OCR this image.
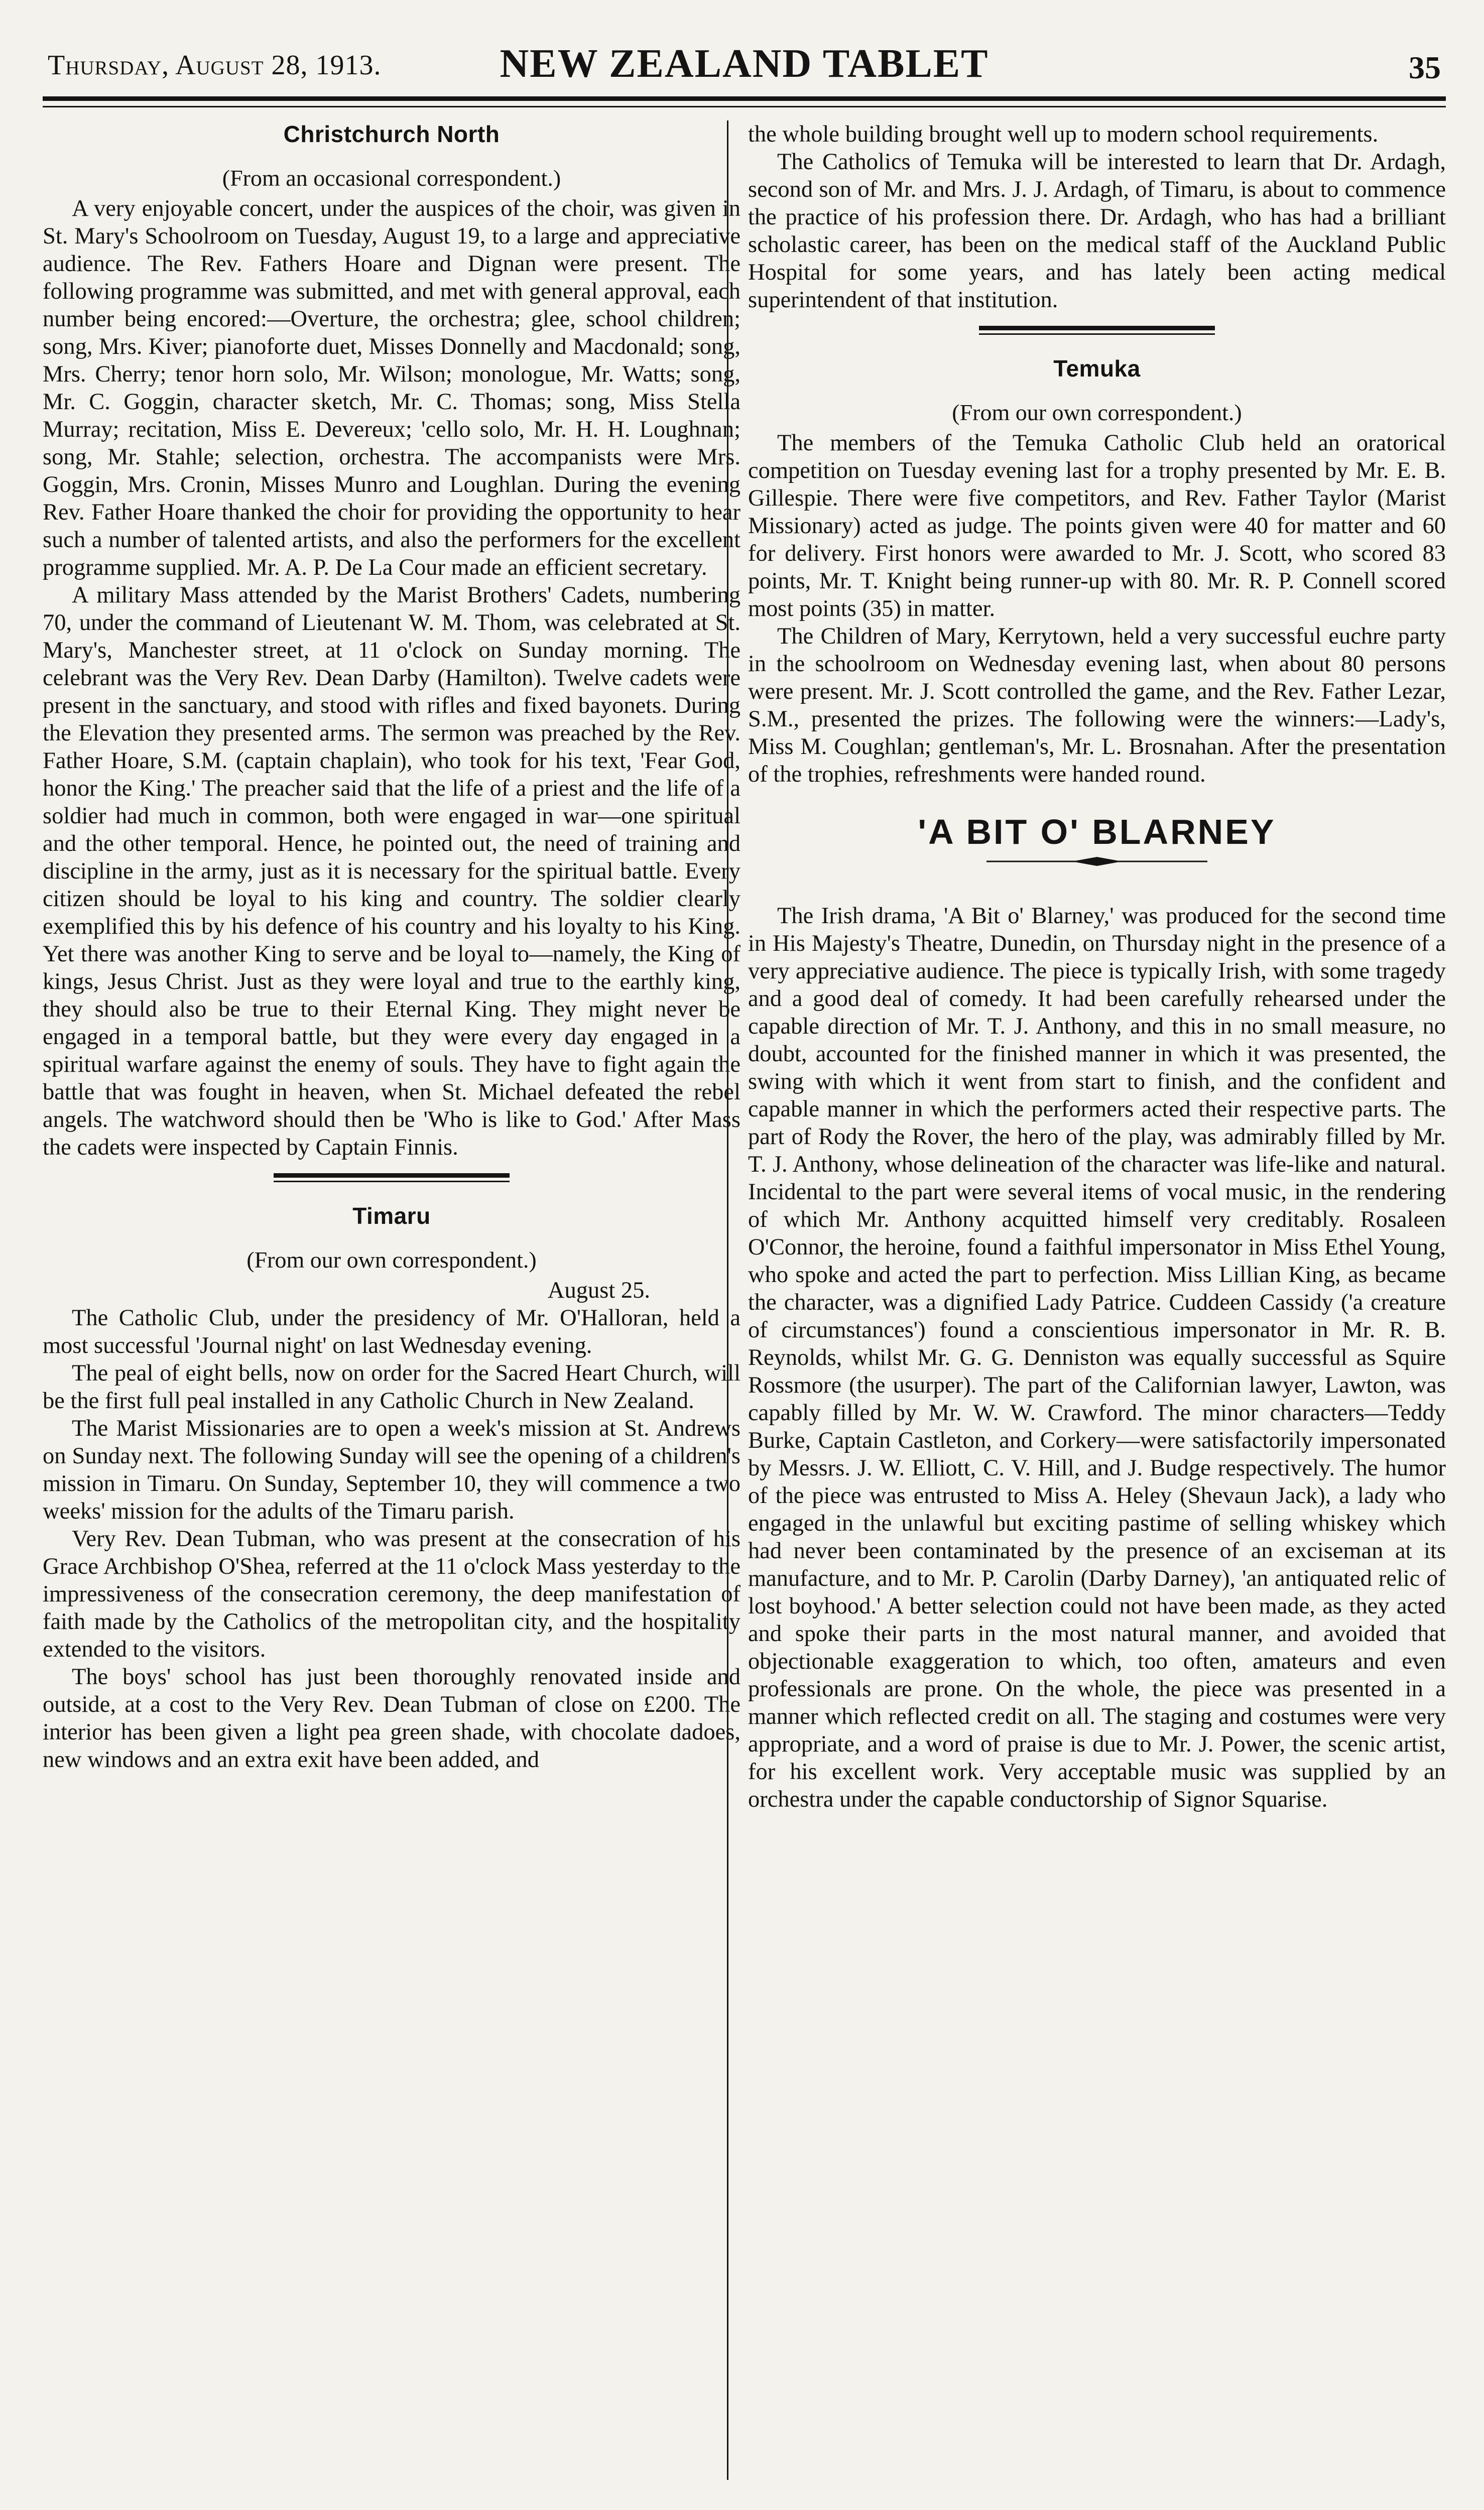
Thursday, August 28, 1913.	NEW ZEALAND TABLET	35
Christchurch North
(From an occasional correspondent.)

A very enjoyable concert, under the auspices of the choir, was given in St. Mary's Schoolroom on Tuesday, August 19, to a large and appreciative audience. The Rev. Fathers Hoare and Dignan were present. The following programme was submitted, and met with general approval, each number being encored:—Overture, the orchestra; glee, school children; song, Mrs. Kiver; pianoforte duet, Misses Donnelly and Macdonald; song, Mrs. Cherry; tenor horn solo, Mr. Wilson; monologue, Mr. Watts; song, Mr. C. Goggin, character sketch, Mr. C. Thomas; song, Miss Stella Murray; recitation, Miss E. Devereux; 'cello solo, Mr. H. H. Loughnan; song, Mr. Stahle; selection, orchestra. The accompanists were Mrs. Goggin, Mrs. Cronin, Misses Munro and Loughlan. During the evening Rev. Father Hoare thanked the choir for providing the opportunity to hear such a number of talented artists, and also the performers for the excellent programme supplied. Mr. A. P. De La Cour made an efficient secretary.

A military Mass attended by the Marist Brothers' Cadets, numbering 70, under the command of Lieutenant W. M. Thom, was celebrated at St. Mary's, Manchester street, at 11 o'clock on Sunday morning. The celebrant was the Very Rev. Dean Darby (Hamilton). Twelve cadets were present in the sanctuary, and stood with rifles and fixed bayonets. During the Elevation they presented arms. The sermon was preached by the Rev. Father Hoare, S.M. (captain chaplain), who took for his text, 'Fear God, honor the King.' The preacher said that the life of a priest and the life of a soldier had much in common, both were engaged in war—one spiritual and the other temporal. Hence, he pointed out, the need of training and discipline in the army, just as it is necessary for the spiritual battle. Every citizen should be loyal to his king and country. The soldier clearly exemplified this by his defence of his country and his loyalty to his King. Yet there was another King to serve and be loyal to—namely, the King of kings, Jesus Christ. Just as they were loyal and true to the earthly king, they should also be true to their Eternal King. They might never be engaged in a temporal battle, but they were every day engaged in a spiritual warfare against the enemy of souls. They have to fight again the battle that was fought in heaven, when St. Michael defeated the rebel angels. The watchword should then be 'Who is like to God.' After Mass the cadets were inspected by Captain Finnis.

Timaru
(From our own correspondent.)

August 25.

The Catholic Club, under the presidency of Mr. O'Halloran, held a most successful 'Journal night' on last Wednesday evening.

The peal of eight bells, now on order for the Sacred Heart Church, will be the first full peal installed in any Catholic Church in New Zealand.

The Marist Missionaries are to open a week's mission at St. Andrews on Sunday next. The following Sunday will see the opening of a children's mission in Timaru. On Sunday, September 10, they will commence a two weeks' mission for the adults of the Timaru parish.

Very Rev. Dean Tubman, who was present at the consecration of his Grace Archbishop O'Shea, referred at the 11 o'clock Mass yesterday to the impressiveness of the consecration ceremony, the deep manifestation of faith made by the Catholics of the metropolitan city, and the hospitality extended to the visitors.

The boys' school has just been thoroughly renovated inside and outside, at a cost to the Very Rev. Dean Tubman of close on £200. The interior has been given a light pea green shade, with chocolate dadoes, new windows and an extra exit have been added, and

the whole building brought well up to modern school requirements.

The Catholics of Temuka will be interested to learn that Dr. Ardagh, second son of Mr. and Mrs. J. J. Ardagh, of Timaru, is about to commence the practice of his profession there. Dr. Ardagh, who has had a brilliant scholastic career, has been on the medical staff of the Auckland Public Hospital for some years, and has lately been acting medical superintendent of that institution.

Temuka
(From our own correspondent.)

The members of the Temuka Catholic Club held an oratorical competition on Tuesday evening last for a trophy presented by Mr. E. B. Gillespie. There were five competitors, and Rev. Father Taylor (Marist Missionary) acted as judge. The points given were 40 for matter and 60 for delivery. First honors were awarded to Mr. J. Scott, who scored 83 points, Mr. T. Knight being runner-up with 80. Mr. R. P. Connell scored most points (35) in matter.

The Children of Mary, Kerrytown, held a very successful euchre party in the schoolroom on Wednesday evening last, when about 80 persons were present. Mr. J. Scott controlled the game, and the Rev. Father Lezar, S.M., presented the prizes. The following were the winners:—Lady's, Miss M. Coughlan; gentleman's, Mr. L. Brosnahan. After the presentation of the trophies, refreshments were handed round.

'A BIT O' BLARNEY

The Irish drama, 'A Bit o' Blarney,' was produced for the second time in His Majesty's Theatre, Dunedin, on Thursday night in the presence of a very appreciative audience. The piece is typically Irish, with some tragedy and a good deal of comedy. It had been carefully rehearsed under the capable direction of Mr. T. J. Anthony, and this in no small measure, no doubt, accounted for the finished manner in which it was presented, the swing with which it went from start to finish, and the confident and capable manner in which the performers acted their respective parts. The part of Rody the Rover, the hero of the play, was admirably filled by Mr. T. J. Anthony, whose delineation of the character was life-like and natural. Incidental to the part were several items of vocal music, in the rendering of which Mr. Anthony acquitted himself very creditably. Rosaleen O'Connor, the heroine, found a faithful impersonator in Miss Ethel Young, who spoke and acted the part to perfection. Miss Lillian King, as became the character, was a dignified Lady Patrice. Cuddeen Cassidy ('a creature of circumstances') found a conscientious impersonator in Mr. R. B. Reynolds, whilst Mr. G. G. Denniston was equally successful as Squire Rossmore (the usurper). The part of the Californian lawyer, Lawton, was capably filled by Mr. W. W. Crawford. The minor characters—Teddy Burke, Captain Castleton, and Corkery—were satisfactorily impersonated by Messrs. J. W. Elliott, C. V. Hill, and J. Budge respectively. The humor of the piece was entrusted to Miss A. Heley (Shevaun Jack), a lady who engaged in the unlawful but exciting pastime of selling whiskey which had never been contaminated by the presence of an exciseman at its manufacture, and to Mr. P. Carolin (Darby Darney), 'an antiquated relic of lost boyhood.' A better selection could not have been made, as they acted and spoke their parts in the most natural manner, and avoided that objectionable exaggeration to which, too often, amateurs and even professionals are prone. On the whole, the piece was presented in a manner which reflected credit on all. The staging and costumes were very appropriate, and a word of praise is due to Mr. J. Power, the scenic artist, for his excellent work. Very acceptable music was supplied by an orchestra under the capable conductorship of Signor Squarise.
